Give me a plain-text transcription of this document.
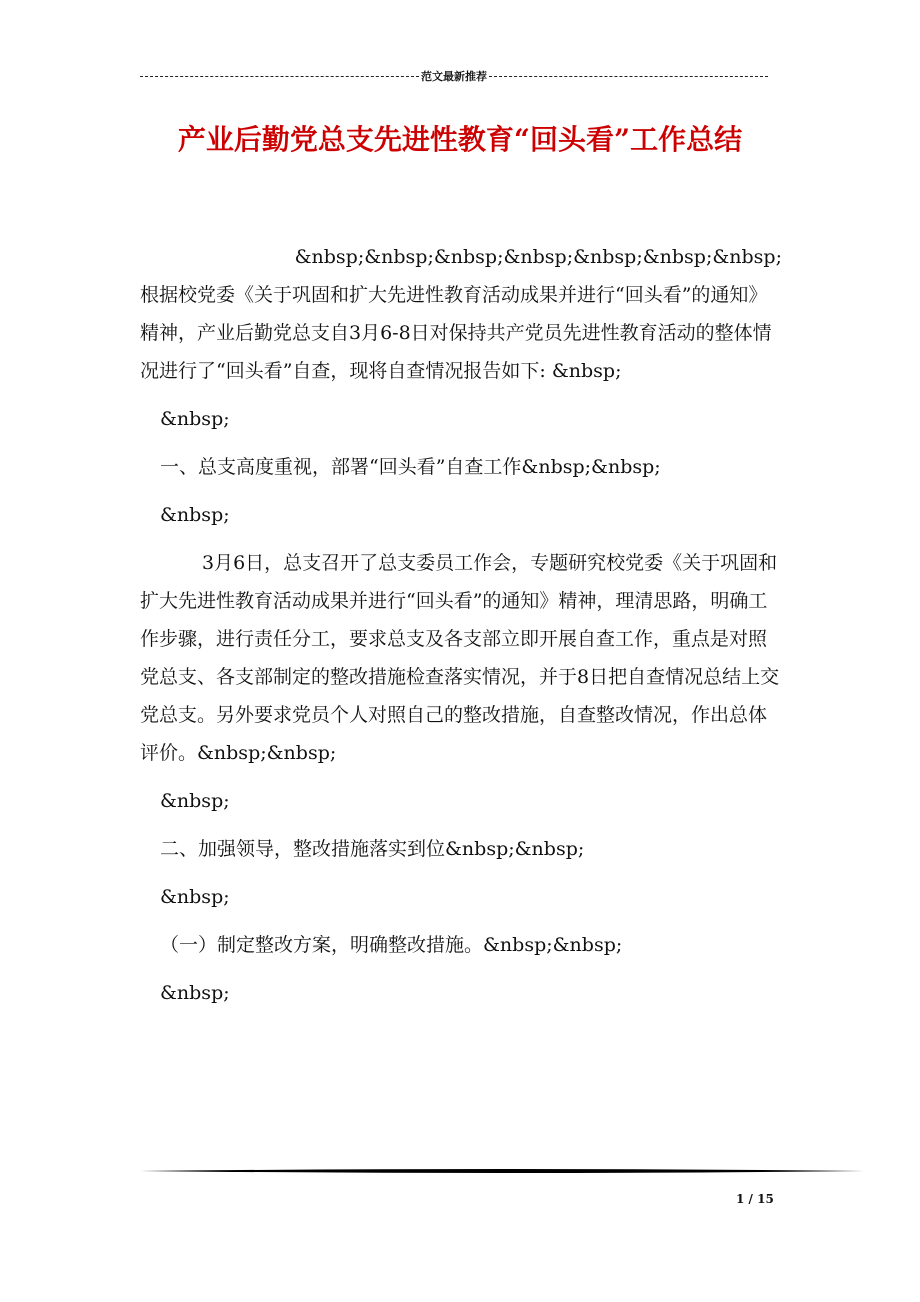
范文最新推荐
产业后勤党总支先进性教育“回头看”工作总结

&nbsp;&nbsp;&nbsp;&nbsp;&nbsp;&nbsp;&nbsp;

根据校党委《关于巩固和扩大先进性教育活动成果并进行“回头看”的通知》精神，产业后勤党总支自3月6-8日对保持共产党员先进性教育活动的整体情况进行了“回头看”自查，现将自查情况报告如下: &nbsp;

&nbsp;

一、总支高度重视，部署“回头看”自查工作&nbsp;&nbsp;

&nbsp;

3月6日，总支召开了总支委员工作会，专题研究校党委《关于巩固和扩大先进性教育活动成果并进行“回头看”的通知》精神，理清思路，明确工作步骤，进行责任分工，要求总支及各支部立即开展自查工作，重点是对照党总支、各支部制定的整改措施检查落实情况，并于8日把自查情况总结上交党总支。另外要求党员个人对照自己的整改措施，自查整改情况，作出总体评价。&nbsp;&nbsp;

&nbsp;

二、加强领导，整改措施落实到位&nbsp;&nbsp;

&nbsp;

（一）制定整改方案，明确整改措施。&nbsp;&nbsp;

&nbsp;

1 / 15
